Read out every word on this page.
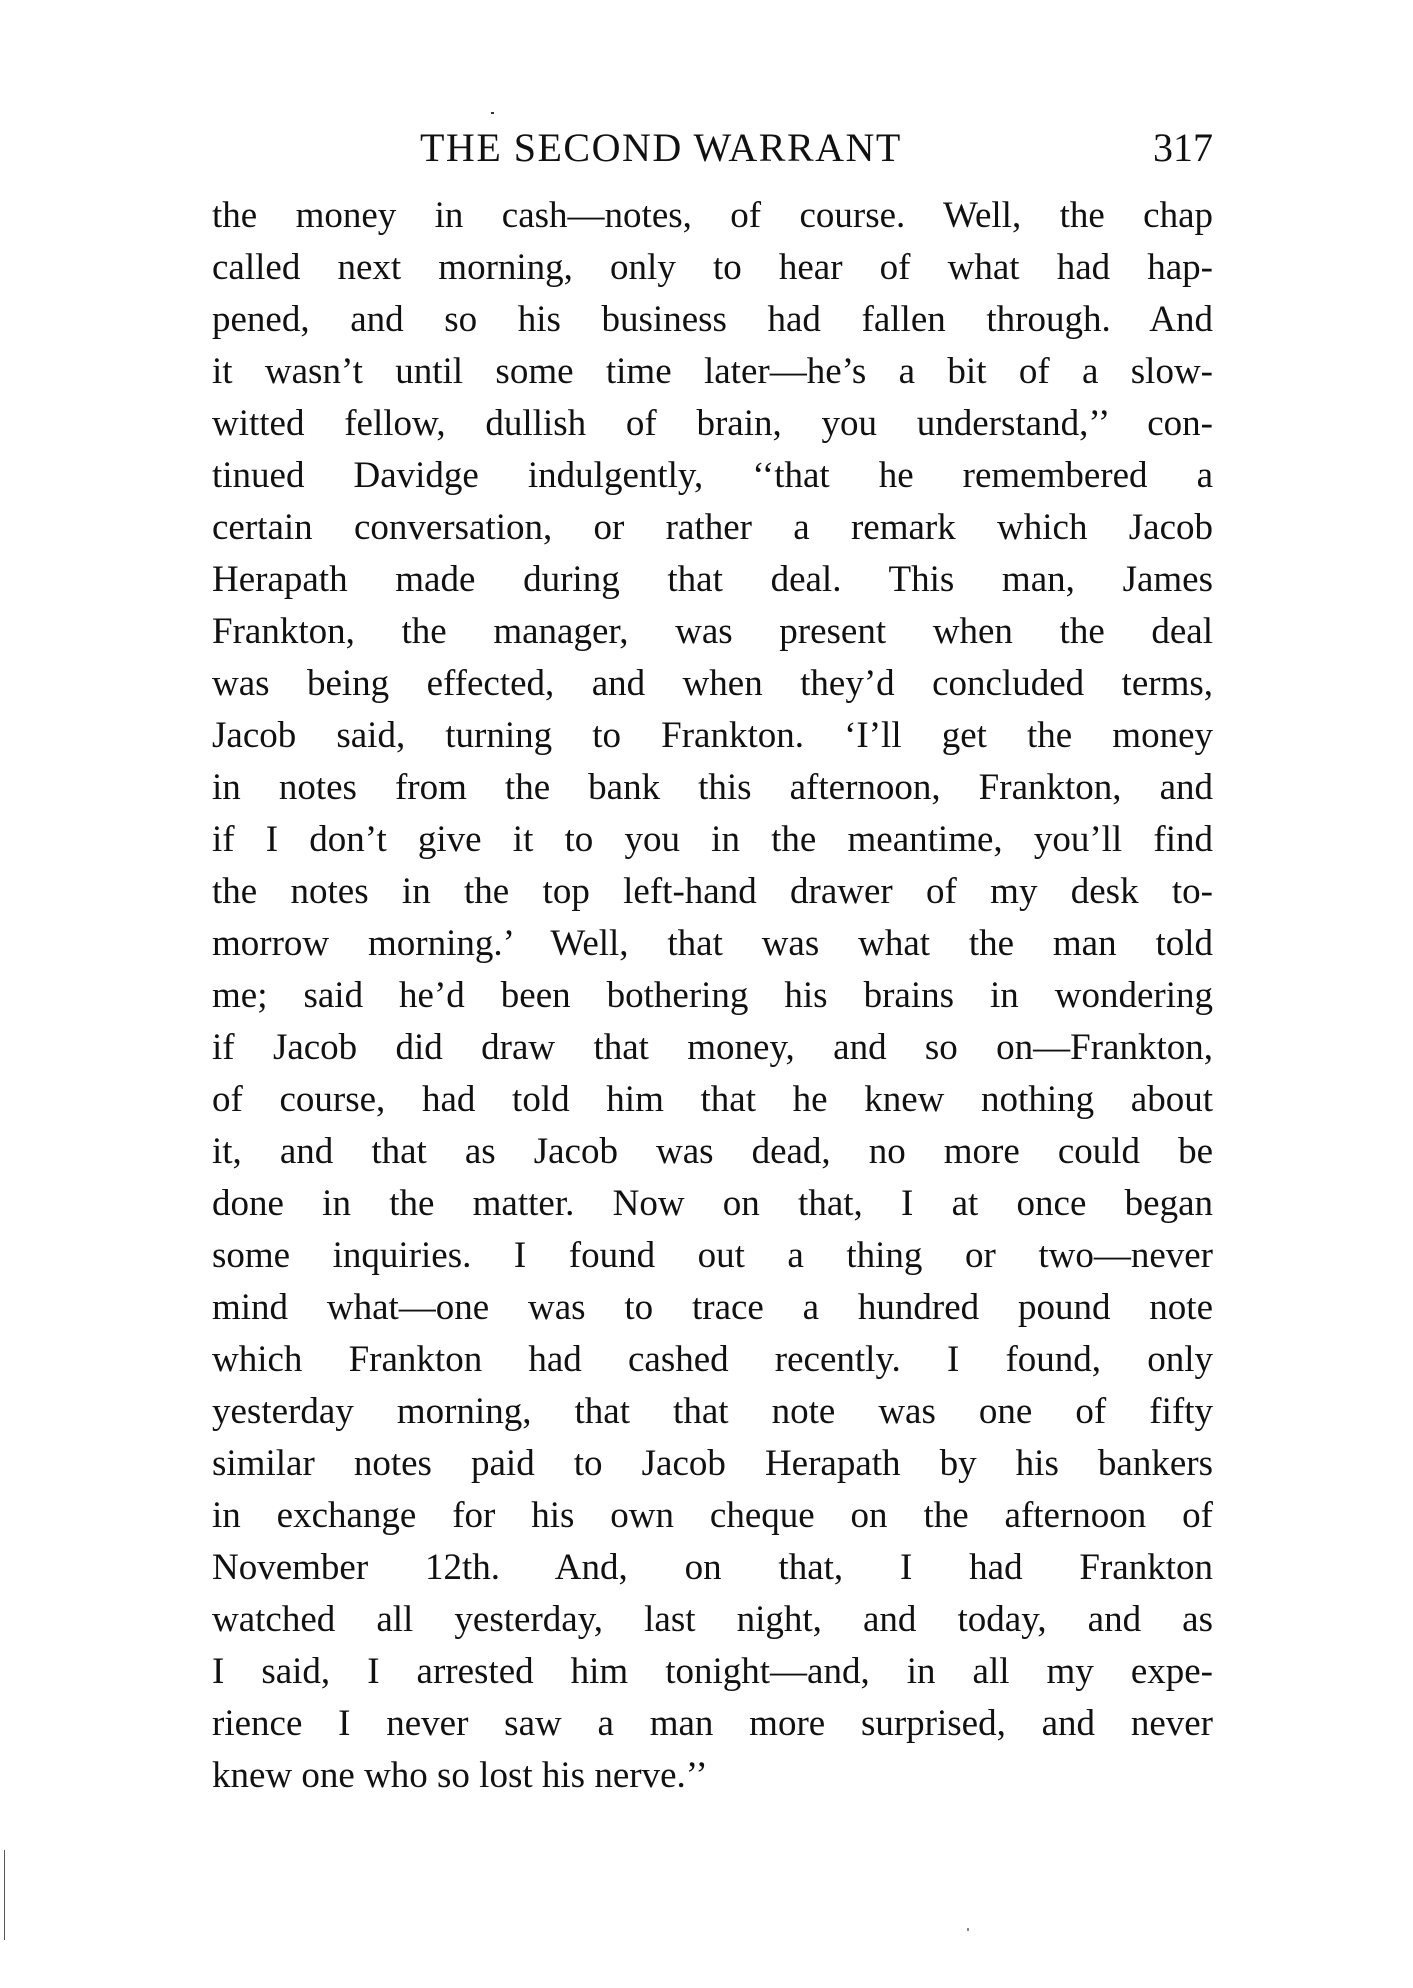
THE SECOND WARRANT	317
the money in cash—notes, of course. Well, the chap
called next morning, only to hear of what had hap-
pened, and so his business had fallen through. And
it wasn’t until some time later—he’s a bit of a slow-
witted fellow, dullish of brain, you understand,’’ con-
tinued Davidge indulgently, ‘‘that he remembered a
certain conversation, or rather a remark which Jacob
Herapath made during that deal. This man, James
Frankton, the manager, was present when the deal
was being effected, and when they’d concluded terms,
Jacob said, turning to Frankton. ‘I’ll get the money
in notes from the bank this afternoon, Frankton, and
if I don’t give it to you in the meantime, you’ll find
the notes in the top left-hand drawer of my desk to-
morrow morning.’ Well, that was what the man told
me; said he’d been bothering his brains in wondering
if Jacob did draw that money, and so on—Frankton,
of course, had told him that he knew nothing about
it, and that as Jacob was dead, no more could be
done in the matter. Now on that, I at once began
some inquiries. I found out a thing or two—never
mind what—one was to trace a hundred pound note
which Frankton had cashed recently. I found, only
yesterday morning, that that note was one of fifty
similar notes paid to Jacob Herapath by his bankers
in exchange for his own cheque on the afternoon of
November 12th. And, on that, I had Frankton
watched all yesterday, last night, and today, and as
I said, I arrested him tonight—and, in all my expe-
rience I never saw a man more surprised, and never
knew one who so lost his nerve.’’
